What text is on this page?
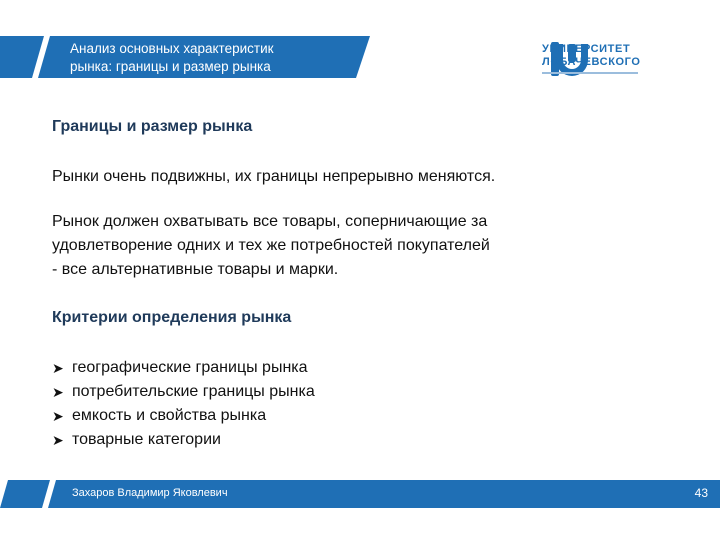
Анализ основных характеристик
рынка: границы и размер рынка
УНИВЕРСИТЕТ
ЛОБАЧЕВСКОГО
Границы и размер рынка
Рынки очень подвижны, их границы непрерывно меняются.
Рынок должен охватывать все товары, соперничающие за
удовлетворение одних и тех же потребностей покупателей
- все альтернативные товары и марки.
Критерии определения рынка
➤ географические границы рынка
➤ потребительские границы рынка
➤ емкость и свойства рынка
➤ товарные категории
Захаров Владимир Яковлевич	43
